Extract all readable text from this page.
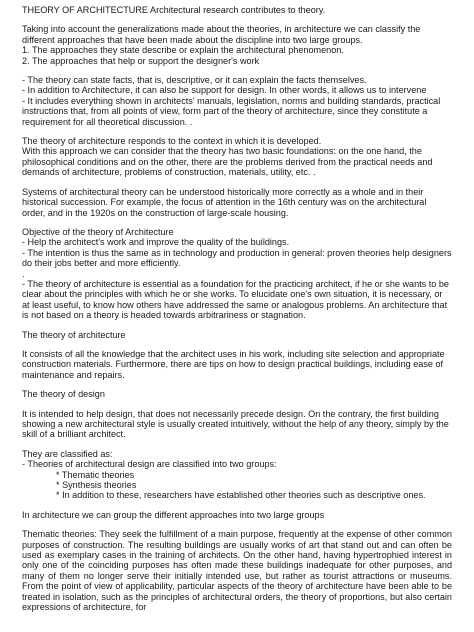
THEORY OF ARCHITECTURE Architectural research contributes to theory.
Taking into account the generalizations made about the theories, in architecture we can classify the different approaches that have been made about the discipline into two large groups.
1. The approaches they state describe or explain the architectural phenomenon.
2. The approaches that help or support the designer's work
- The theory can state facts, that is, descriptive, or it can explain the facts themselves.
- In addition to Architecture, it can also be support for design. In other words, it allows us to intervene
- It includes everything shown in architects' manuals, legislation, norms and building standards, practical instructions that, from all points of view, form part of the theory of architecture, since they constitute a requirement for all theoretical discussion. .
The theory of architecture responds to the context in which it is developed.
With this approach we can consider that the theory has two basic foundations: on the one hand, the philosophical conditions and on the other, there are the problems derived from the practical needs and demands of architecture, problems of construction, materials, utility, etc. .
Systems of architectural theory can be understood historically more correctly as a whole and in their historical succession. For example, the focus of attention in the 16th century was on the architectural order, and in the 1920s on the construction of large-scale housing.
Objective of the theory of Architecture
- Help the architect's work and improve the quality of the buildings.
- The intention is thus the same as in technology and production in general: proven theories help designers do their jobs better and more efficiently.
.
- The theory of architecture is essential as a foundation for the practicing architect, if he or she wants to be clear about the principles with which he or she works. To elucidate one's own situation, it is necessary, or at least useful, to know how others have addressed the same or analogous problems. An architecture that is not based on a theory is headed towards arbitrariness or stagnation.
The theory of architecture
It consists of all the knowledge that the architect uses in his work, including site selection and appropriate construction materials. Furthermore, there are tips on how to design practical buildings, including ease of maintenance and repairs.
The theory of design
It is intended to help design, that does not necessarily precede design. On the contrary, the first building showing a new architectural style is usually created intuitively, without the help of any theory, simply by the skill of a brilliant architect.
They are classified as:
- Theories of architectural design are classified into two groups:
* Thematic theories
* Synthesis theories
* In addition to these, researchers have established other theories such as descriptive ones.
In architecture we can group the different approaches into two large groups
Thematic theories: They seek the fulfillment of a main purpose, frequently at the expense of other common purposes of construction. The resulting buildings are usually works of art that stand out and can often be used as exemplary cases in the training of architects. On the other hand, having hypertrophied interest in only one of the coinciding purposes has often made these buildings inadequate for other purposes, and many of them no longer serve their initially intended use, but rather as tourist attractions or museums. From the point of view of applicability, particular aspects of the theory of architecture have been able to be treated in isolation, such as the principles of architectural orders, the theory of proportions, but also certain expressions of architecture, for
